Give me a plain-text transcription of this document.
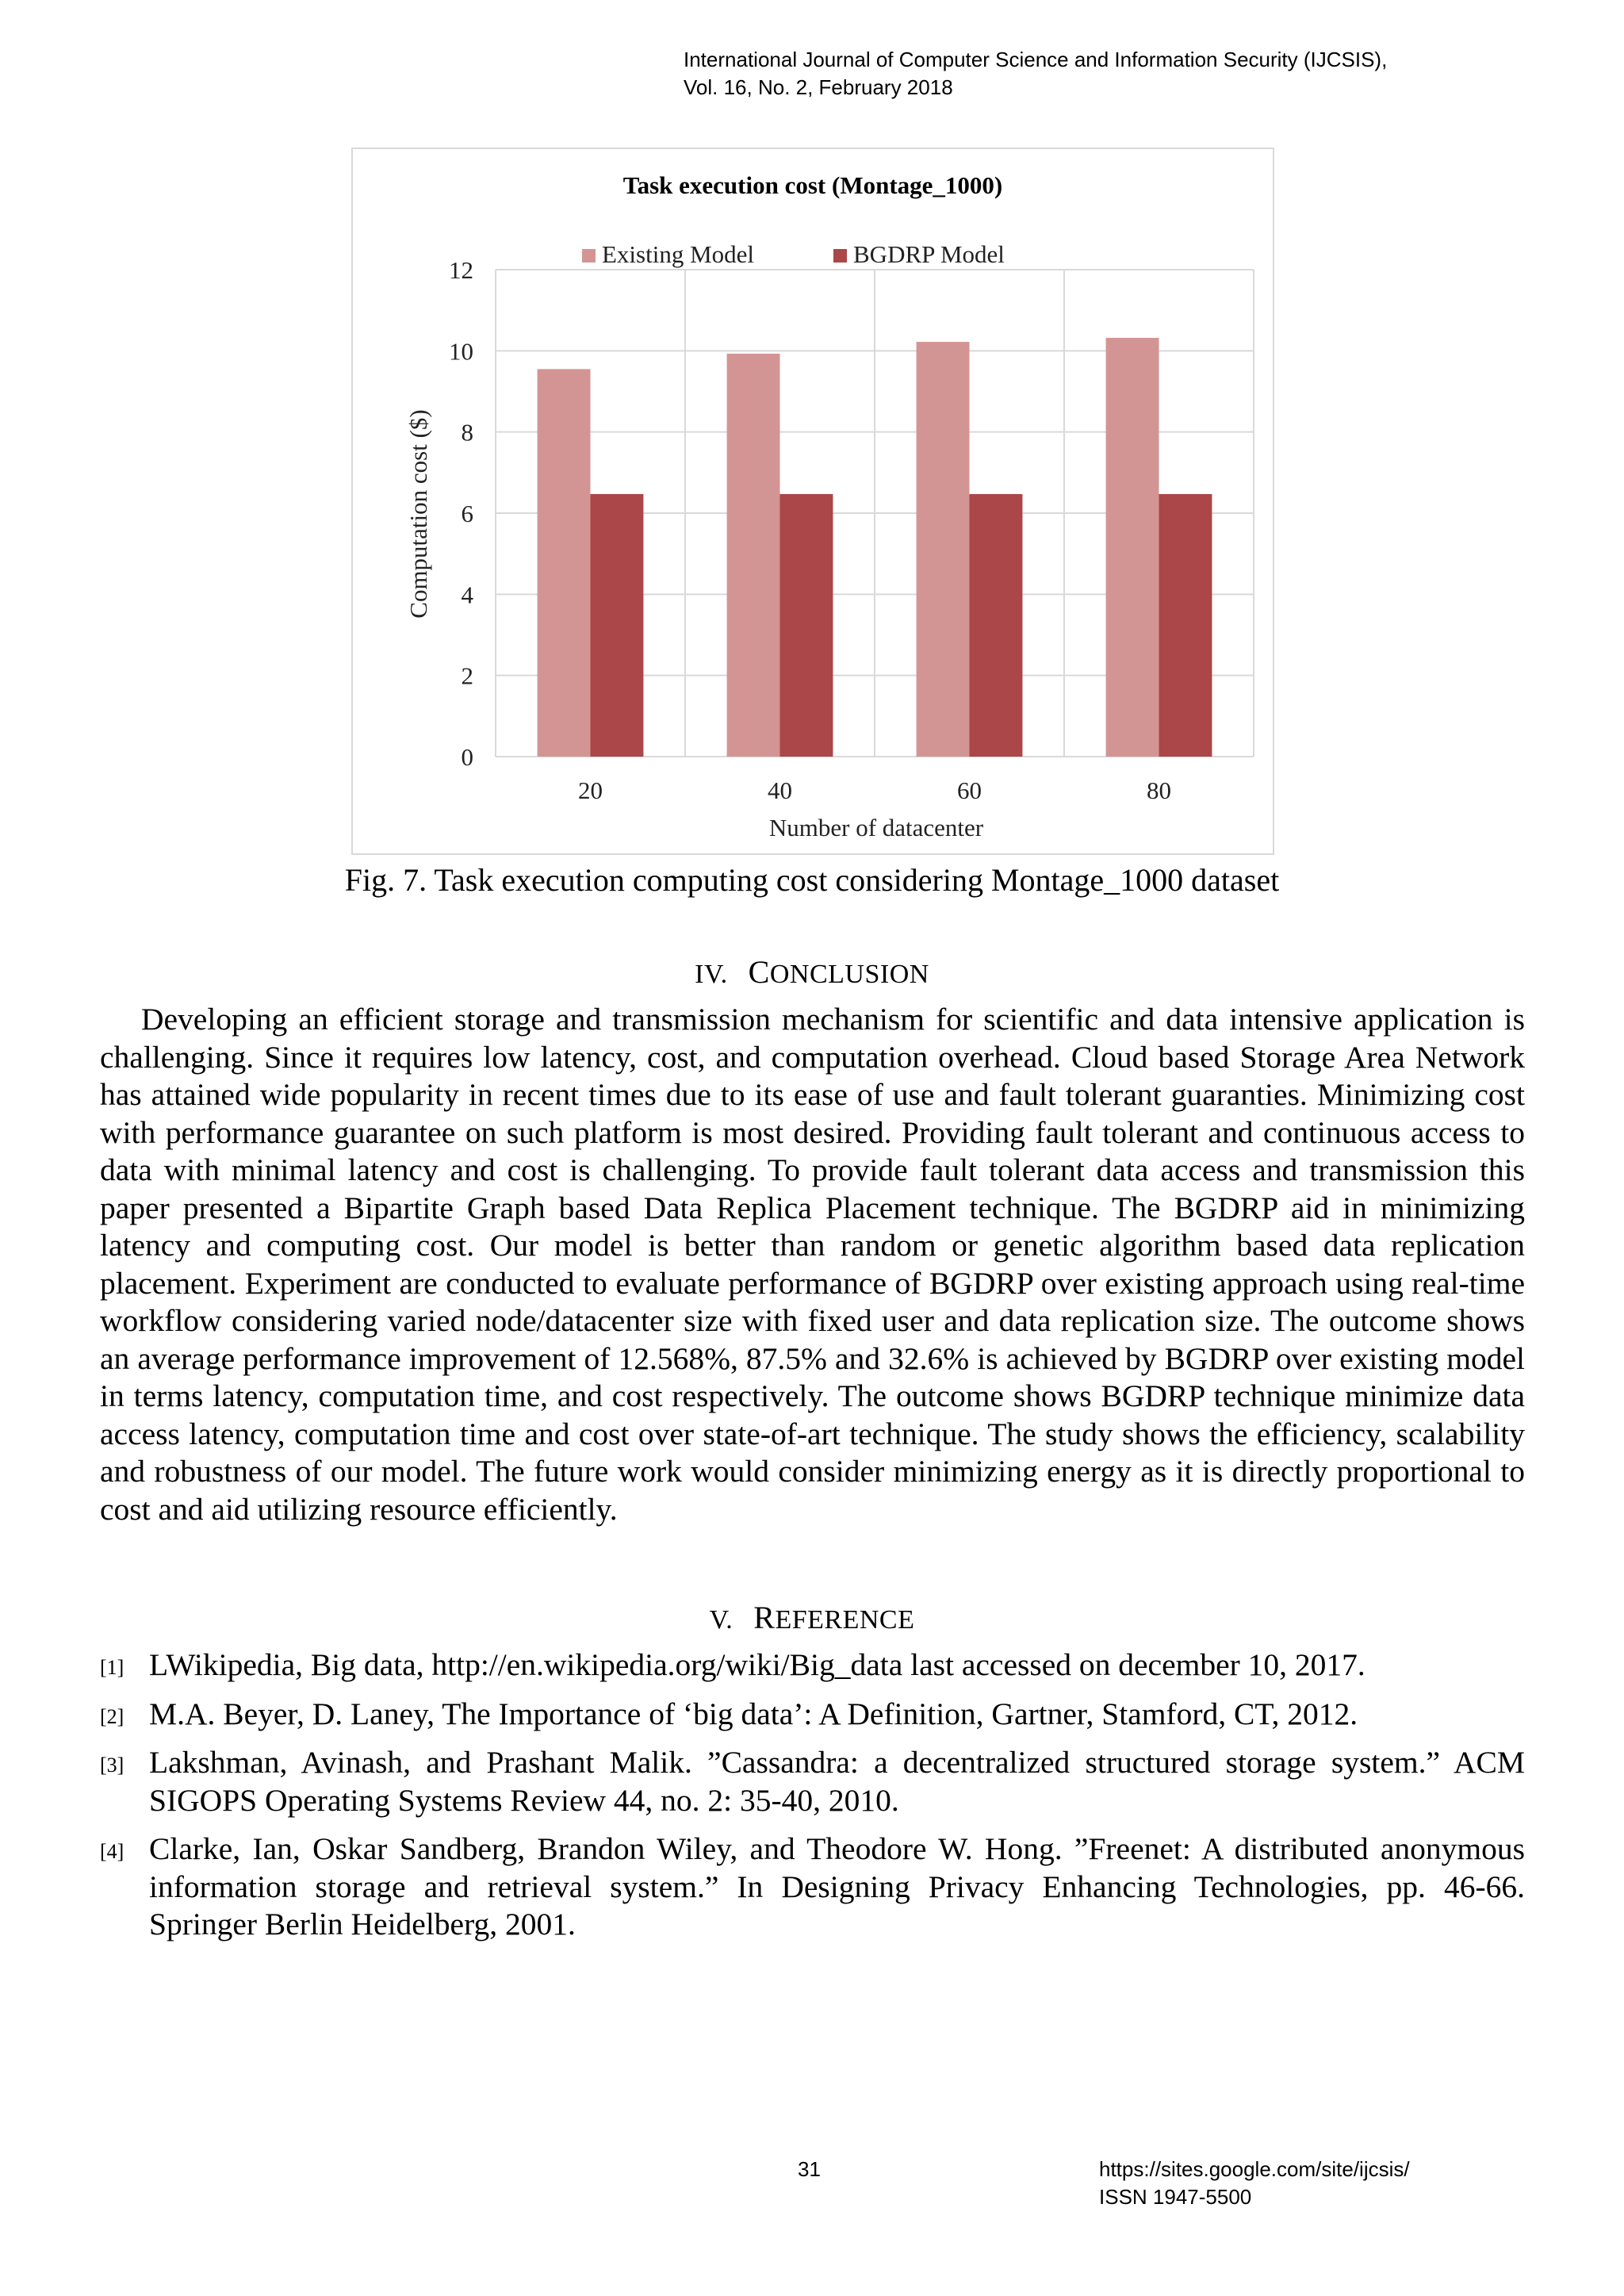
International Journal of Computer Science and Information Security (IJCSIS),
Vol. 16, No. 2, February 2018
0
2
4
6
8
10
12
20	40	60	80
Task execution cost (Montage_1000)
Existing Model	BGDRP Model
Number of datacenter
Computation cost ($)
Fig. 7. Task execution computing cost considering Montage_1000 dataset
IV. CONCLUSION

Developing an efficient storage and transmission mechanism for scientific and data intensive application is challenging. Since it requires low latency, cost, and computation overhead. Cloud based Storage Area Network has attained wide popularity in recent times due to its ease of use and fault tolerant guaranties. Minimizing cost with performance guarantee on such platform is most desired. Providing fault tolerant and continuous access to data with minimal latency and cost is challenging. To provide fault tolerant data access and transmission this paper presented a Bipartite Graph based Data Replica Placement technique. The BGDRP aid in minimizing latency and computing cost. Our model is better than random or genetic algorithm based data replication placement. Experiment are conducted to evaluate performance of BGDRP over existing approach using real-time workflow considering varied node/datacenter size with fixed user and data replication size. The outcome shows an average performance improvement of 12.568%, 87.5% and 32.6% is achieved by BGDRP over existing model in terms latency, computation time, and cost respectively. The outcome shows BGDRP technique minimize data access latency, computation time and cost over state-of-art technique. The study shows the efficiency, scalability and robustness of our model. The future work would consider minimizing energy as it is directly proportional to cost and aid utilizing resource efficiently.

V. REFERENCE
[1] LWikipedia, Big data, http://en.wikipedia.org/wiki/Big_data last accessed on december 10, 2017.
[2] M.A. Beyer, D. Laney, The Importance of ‘big data’: A Definition, Gartner, Stamford, CT, 2012.
[3] Lakshman, Avinash, and Prashant Malik. ”Cassandra: a decentralized structured storage system.” ACM SIGOPS Operating Systems Review 44, no. 2: 35-40, 2010.
[4] Clarke, Ian, Oskar Sandberg, Brandon Wiley, and Theodore W. Hong. ”Freenet: A distributed anonymous information storage and retrieval system.” In Designing Privacy Enhancing Technologies, pp. 46-66. Springer Berlin Heidelberg, 2001.
31	https://sites.google.com/site/ijcsis/
ISSN 1947-5500
